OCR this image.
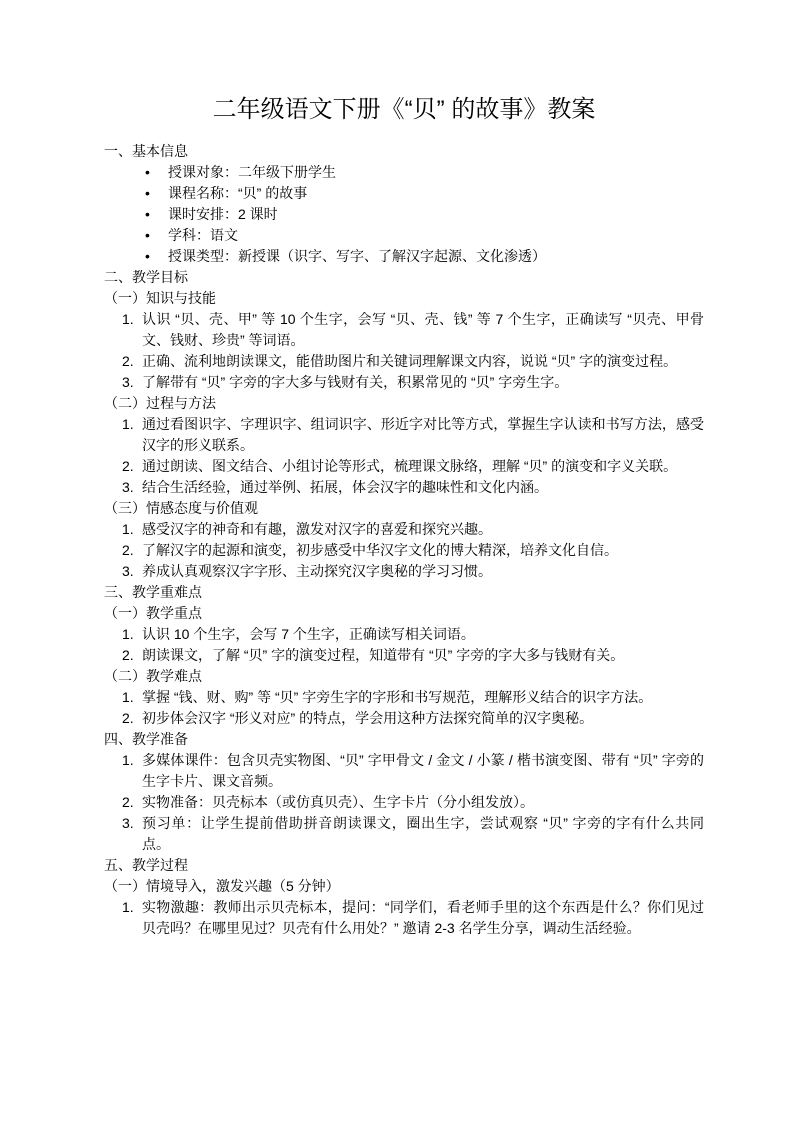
二年级语文下册《“贝” 的故事》教案
一、基本信息
•	授课对象：二年级下册学生
•	课程名称：“贝” 的故事
•	课时安排：2 课时
•	学科：语文
•	授课类型：新授课（识字、写字、了解汉字起源、文化渗透）
二、教学目标
（一）知识与技能
1. 认识 “贝、壳、甲” 等 10 个生字，会写 “贝、壳、钱” 等 7 个生字，正确读写 “贝壳、甲骨文、钱财、珍贵” 等词语。
2. 正确、流利地朗读课文，能借助图片和关键词理解课文内容，说说 “贝” 字的演变过程。
3. 了解带有 “贝” 字旁的字大多与钱财有关，积累常见的 “贝” 字旁生字。
（二）过程与方法
1. 通过看图识字、字理识字、组词识字、形近字对比等方式，掌握生字认读和书写方法，感受汉字的形义联系。
2. 通过朗读、图文结合、小组讨论等形式，梳理课文脉络，理解 “贝” 的演变和字义关联。
3. 结合生活经验，通过举例、拓展，体会汉字的趣味性和文化内涵。
（三）情感态度与价值观
1. 感受汉字的神奇和有趣，激发对汉字的喜爱和探究兴趣。
2. 了解汉字的起源和演变，初步感受中华汉字文化的博大精深，培养文化自信。
3. 养成认真观察汉字字形、主动探究汉字奥秘的学习习惯。
三、教学重难点
（一）教学重点
1. 认识 10 个生字，会写 7 个生字，正确读写相关词语。
2. 朗读课文，了解 “贝” 字的演变过程，知道带有 “贝” 字旁的字大多与钱财有关。
（二）教学难点
1. 掌握 “钱、财、购” 等 “贝” 字旁生字的字形和书写规范，理解形义结合的识字方法。
2. 初步体会汉字 “形义对应” 的特点，学会用这种方法探究简单的汉字奥秘。
四、教学准备
1. 多媒体课件：包含贝壳实物图、“贝” 字甲骨文 / 金文 / 小篆 / 楷书演变图、带有 “贝” 字旁的生字卡片、课文音频。
2. 实物准备：贝壳标本（或仿真贝壳）、生字卡片（分小组发放）。
3. 预习单：让学生提前借助拼音朗读课文，圈出生字，尝试观察 “贝” 字旁的字有什么共同点。
五、教学过程
（一）情境导入，激发兴趣（5 分钟）
1. 实物激趣：教师出示贝壳标本，提问：“同学们，看老师手里的这个东西是什么？你们见过贝壳吗？在哪里见过？贝壳有什么用处？” 邀请 2-3 名学生分享，调动生活经验。
